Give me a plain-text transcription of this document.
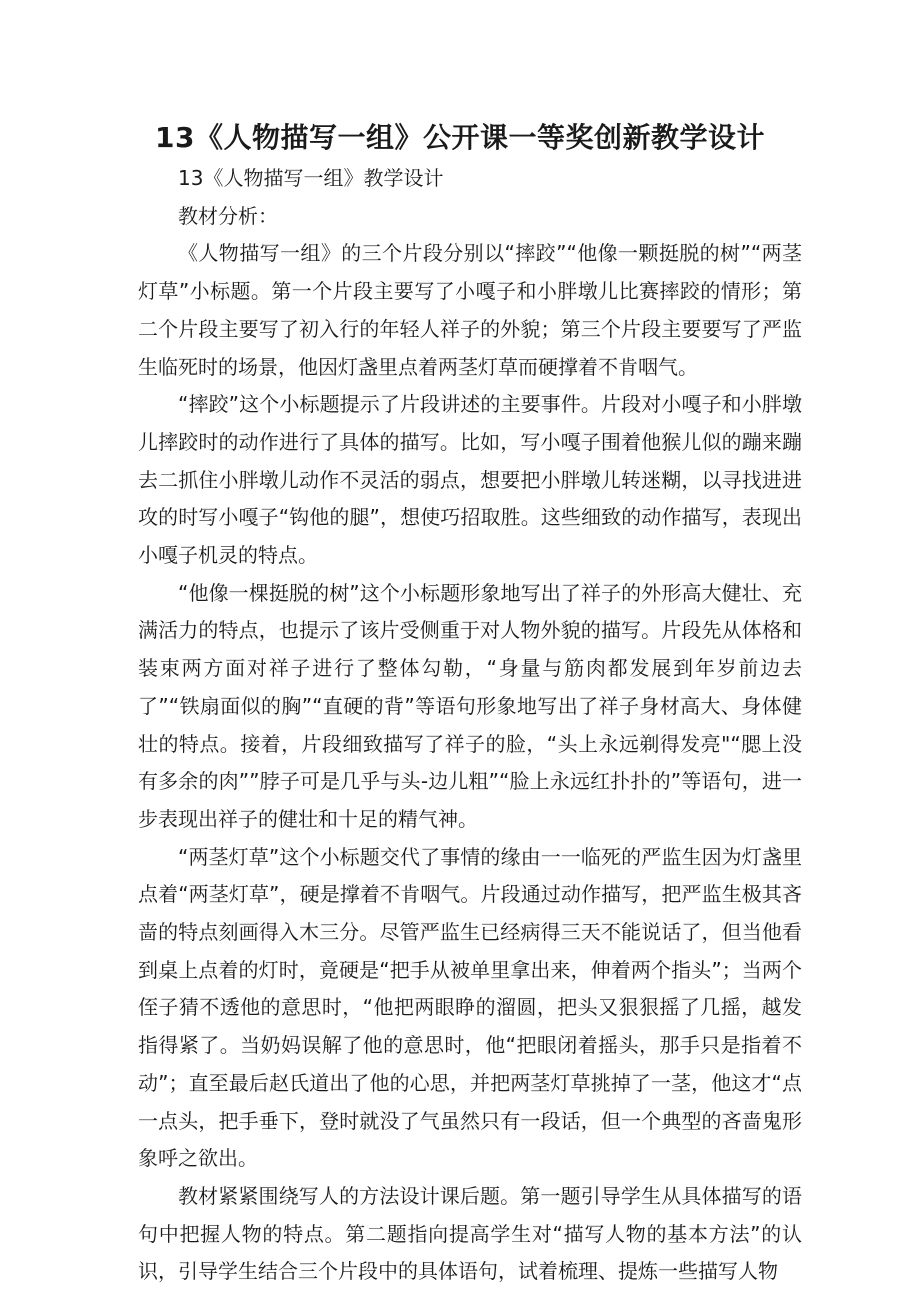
13《人物描写一组》公开课一等奖创新教学设计

13《人物描写一组》教学设计

教材分析：

《人物描写一组》的三个片段分别以“摔跤”“他像一颗挺脱的树”“两茎灯草”小标题。第一个片段主要写了小嘎子和小胖墩儿比赛摔跤的情形；第二个片段主要写了初入行的年轻人祥子的外貌；第三个片段主要要写了严监生临死时的场景，他因灯盏里点着两茎灯草而硬撑着不肯咽气。

“摔跤”这个小标题提示了片段讲述的主要事件。片段对小嘎子和小胖墩儿摔跤时的动作进行了具体的描写。比如，写小嘎子围着他猴儿似的蹦来蹦去二抓住小胖墩儿动作不灵活的弱点，想要把小胖墩儿转迷糊，以寻找进进攻的时写小嘎子“钩他的腿”，想使巧招取胜。这些细致的动作描写，表现出小嘎子机灵的特点。

“他像一棵挺脱的树”这个小标题形象地写出了祥子的外形高大健壮、充满活力的特点，也提示了该片受侧重于对人物外貌的描写。片段先从体格和装束两方面对祥子进行了整体勾勒，“身量与筋肉都发展到年岁前边去了”“铁扇面似的胸”“直硬的背”等语句形象地写出了祥子身材高大、身体健壮的特点。接着，片段细致描写了祥子的脸，“头上永远剃得发亮"“腮上没有多余的肉””脖子可是几乎与头-边儿粗”“脸上永远红扑扑的”等语句，进一步表现出祥子的健壮和十足的精气神。

“两茎灯草”这个小标题交代了事情的缘由一一临死的严监生因为灯盏里点着“两茎灯草”，硬是撑着不肯咽气。片段通过动作描写，把严监生极其吝啬的特点刻画得入木三分。尽管严监生已经病得三天不能说话了，但当他看到桌上点着的灯时，竟硬是“把手从被单里拿出来，伸着两个指头”；当两个侄子猜不透他的意思时，“他把两眼睁的溜圆，把头又狠狠摇了几摇，越发指得紧了。当奶妈误解了他的意思时，他“把眼闭着摇头，那手只是指着不动”；直至最后赵氏道出了他的心思，并把两茎灯草挑掉了一茎，他这才“点一点头，把手垂下，登时就没了气虽然只有一段话，但一个典型的吝啬鬼形象呼之欲出。

教材紧紧围绕写人的方法设计课后题。第一题引导学生从具体描写的语句中把握人物的特点。第二题指向提高学生对“描写人物的基本方法”的认识，引导学生结合三个片段中的具体语句，试着梳理、提炼一些描写人物
